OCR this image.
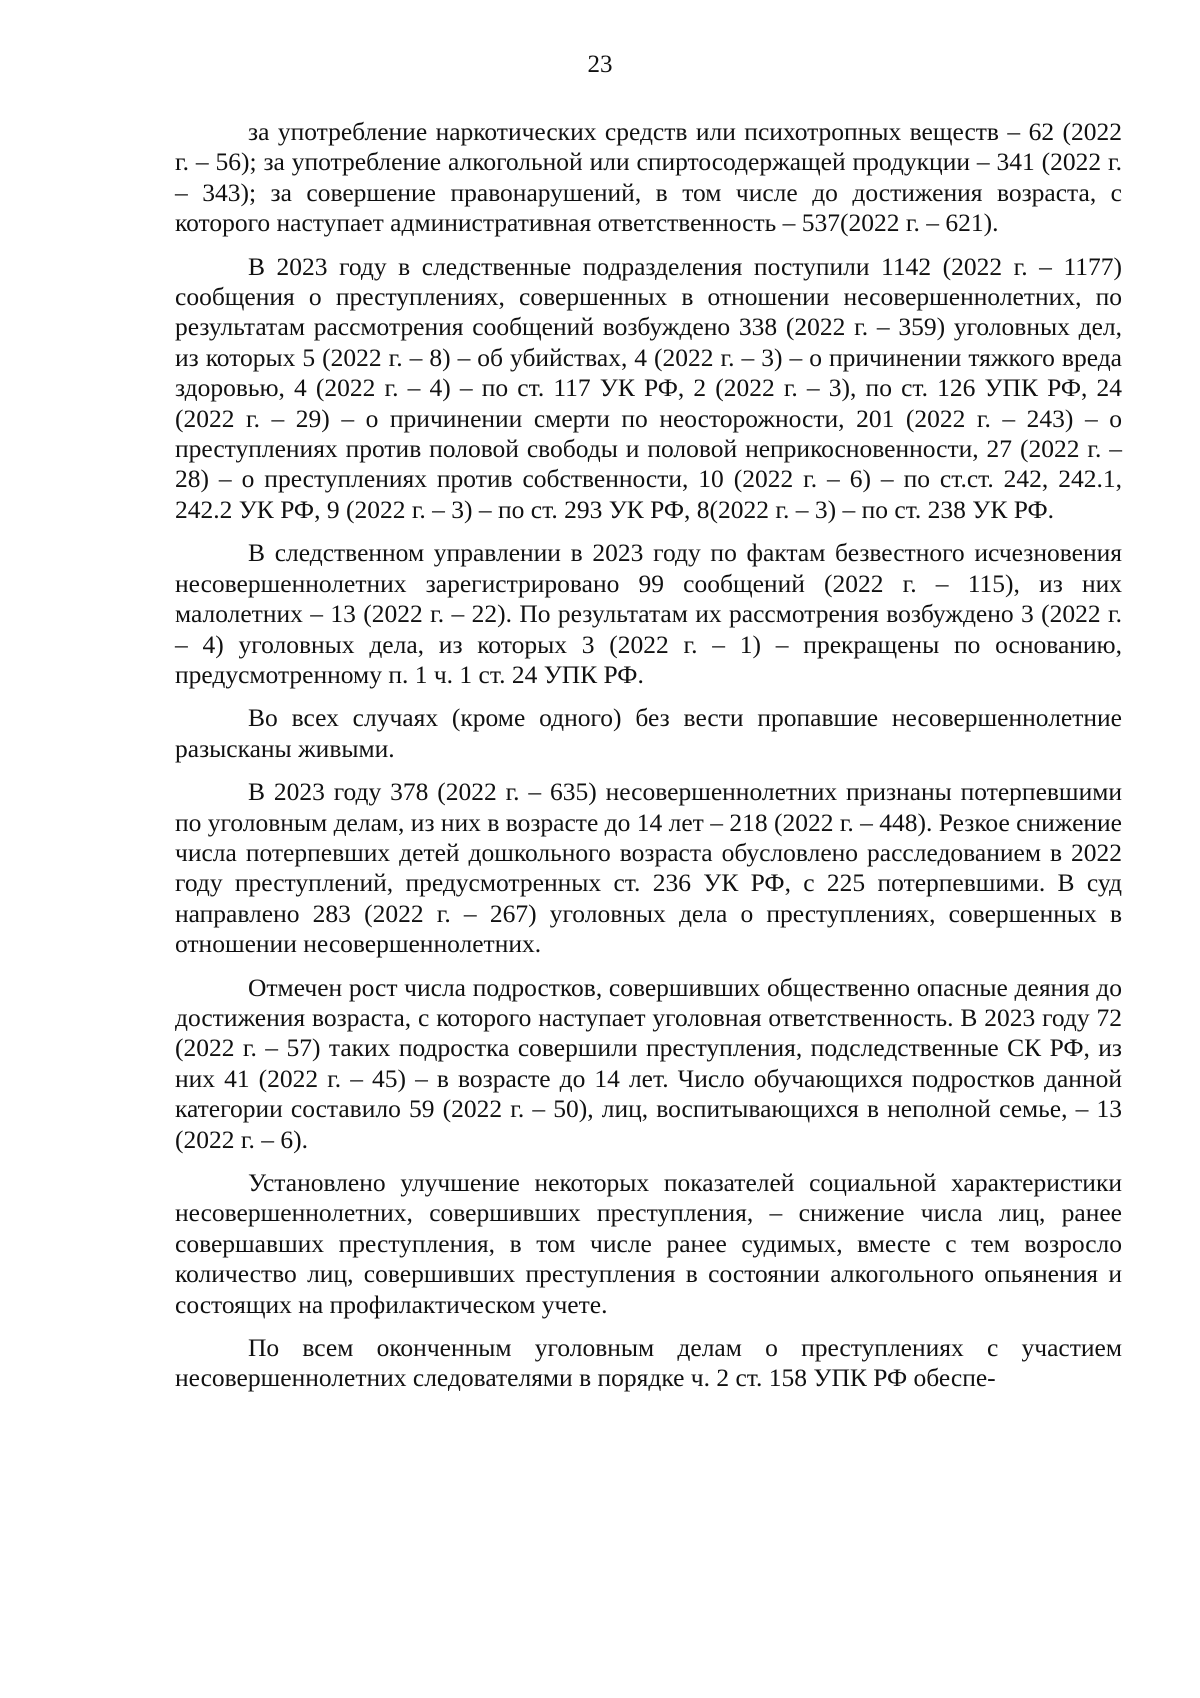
23

за употребление наркотических средств или психотропных веществ – 62 (2022 г. – 56); за употребление алкогольной или спиртосодержащей продукции – 341 (2022 г. – 343); за совершение правонарушений, в том числе до достижения возраста, с которого наступает административная ответственность – 537(2022 г. – 621).

В 2023 году в следственные подразделения поступили 1142 (2022 г. – 1177) сообщения о преступлениях, совершенных в отношении несовершеннолетних, по результатам рассмотрения сообщений возбуждено 338 (2022 г. – 359) уголовных дел, из которых 5 (2022 г. – 8) – об убийствах, 4 (2022 г. – 3) – о причинении тяжкого вреда здоровью, 4 (2022 г. – 4) – по ст. 117 УК РФ, 2 (2022 г. – 3), по ст. 126 УПК РФ, 24 (2022 г. – 29) – о причинении смерти по неосторожности, 201 (2022 г. – 243) – о преступлениях против половой свободы и половой неприкосновенности, 27 (2022 г. – 28) – о преступлениях против собственности, 10 (2022 г. – 6) – по ст.ст. 242, 242.1, 242.2 УК РФ, 9 (2022 г. – 3) – по ст. 293 УК РФ, 8(2022 г. – 3) – по ст. 238 УК РФ.

В следственном управлении в 2023 году по фактам безвестного исчезновения несовершеннолетних зарегистрировано 99 сообщений (2022 г. – 115), из них малолетних – 13 (2022 г. – 22). По результатам их рассмотрения возбуждено 3 (2022 г. – 4) уголовных дела, из которых 3 (2022 г. – 1) – прекращены по основанию, предусмотренному п. 1 ч. 1 ст. 24 УПК РФ.

Во всех случаях (кроме одного) без вести пропавшие несовершеннолетние разысканы живыми.

В 2023 году 378 (2022 г. – 635) несовершеннолетних признаны потерпевшими по уголовным делам, из них в возрасте до 14 лет – 218 (2022 г. – 448). Резкое снижение числа потерпевших детей дошкольного возраста обусловлено расследованием в 2022 году преступлений, предусмотренных ст. 236 УК РФ, с 225 потерпевшими. В суд направлено 283 (2022 г. – 267) уголовных дела о преступлениях, совершенных в отношении несовершеннолетних.

Отмечен рост числа подростков, совершивших общественно опасные деяния до достижения возраста, с которого наступает уголовная ответственность. В 2023 году 72 (2022 г. – 57) таких подростка совершили преступления, подследственные СК РФ, из них 41 (2022 г. – 45) – в возрасте до 14 лет. Число обучающихся подростков данной категории составило 59 (2022 г. – 50), лиц, воспитывающихся в неполной семье, – 13 (2022 г. – 6).

Установлено улучшение некоторых показателей социальной характеристики несовершеннолетних, совершивших преступления, – снижение числа лиц, ранее совершавших преступления, в том числе ранее судимых, вместе с тем возросло количество лиц, совершивших преступления в состоянии алкогольного опьянения и состоящих на профилактическом учете.

По всем оконченным уголовным делам о преступлениях с участием несовершеннолетних следователями в порядке ч. 2 ст. 158 УПК РФ обеспе-
